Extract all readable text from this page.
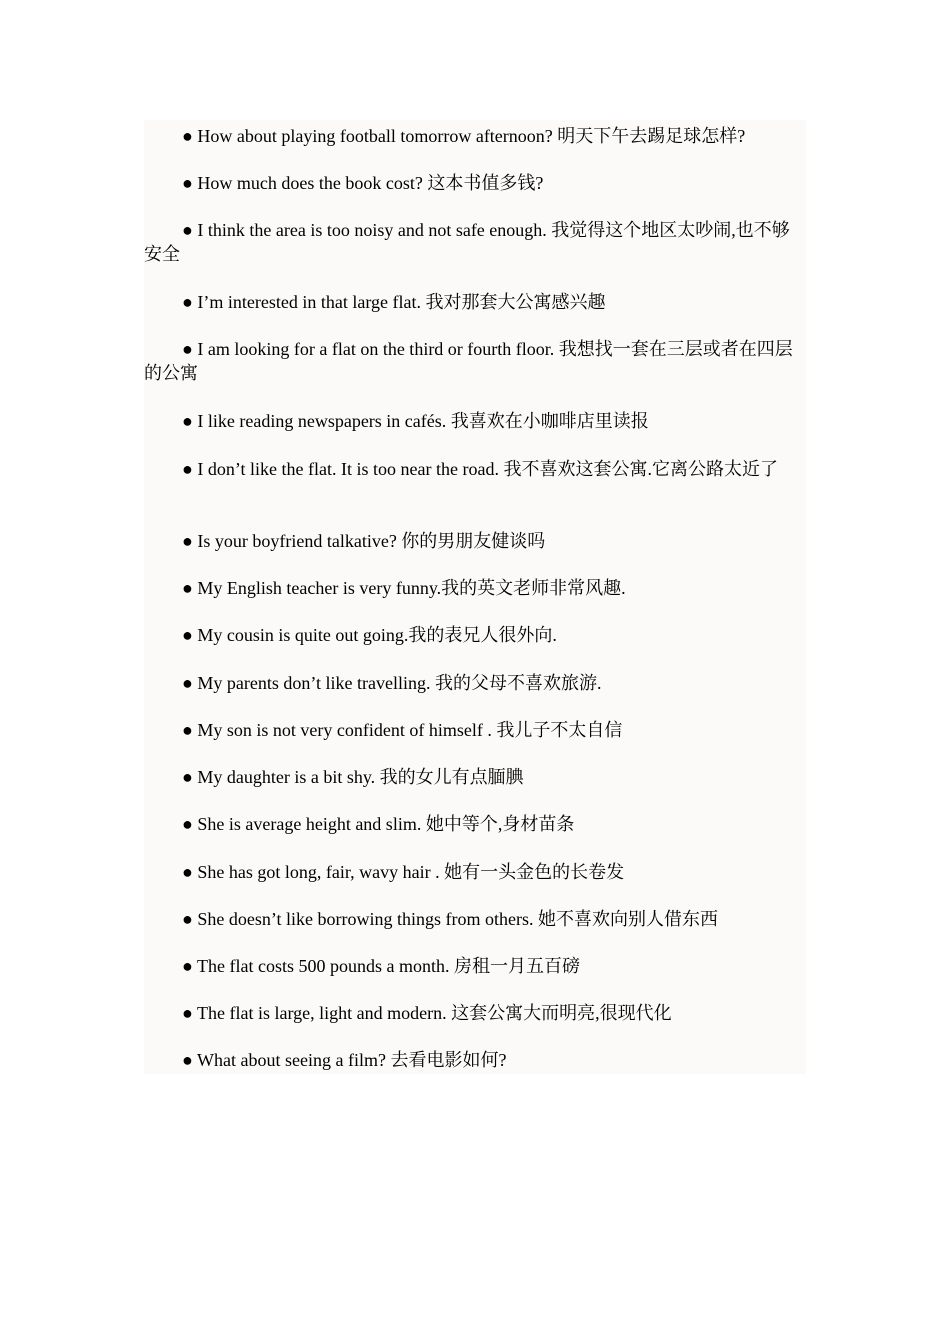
● How about playing football tomorrow afternoon? 明天下午去踢足球怎样?
● How much does the book cost? 这本书值多钱?
● I think the area is too noisy and not safe enough. 我觉得这个地区太吵闹,也不够安全
● I’m interested in that large flat. 我对那套大公寓感兴趣
● I am looking for a flat on the third or fourth floor. 我想找一套在三层或者在四层的公寓
● I like reading newspapers in cafés. 我喜欢在小咖啡店里读报
● I don’t like the flat. It is too near the road. 我不喜欢这套公寓.它离公路太近了
● Is your boyfriend talkative? 你的男朋友健谈吗
● My English teacher is very funny.我的英文老师非常风趣.
● My cousin is quite out going.我的表兄人很外向.
● My parents don’t like travelling. 我的父母不喜欢旅游.
● My son is not very confident of himself . 我儿子不太自信
● My daughter is a bit shy. 我的女儿有点腼腆
● She is average height and slim. 她中等个,身材苗条
● She has got long, fair, wavy hair . 她有一头金色的长卷发
● She doesn’t like borrowing things from others. 她不喜欢向别人借东西
● The flat costs 500 pounds a month. 房租一月五百磅
● The flat is large, light and modern. 这套公寓大而明亮,很现代化
● What about seeing a film? 去看电影如何?
